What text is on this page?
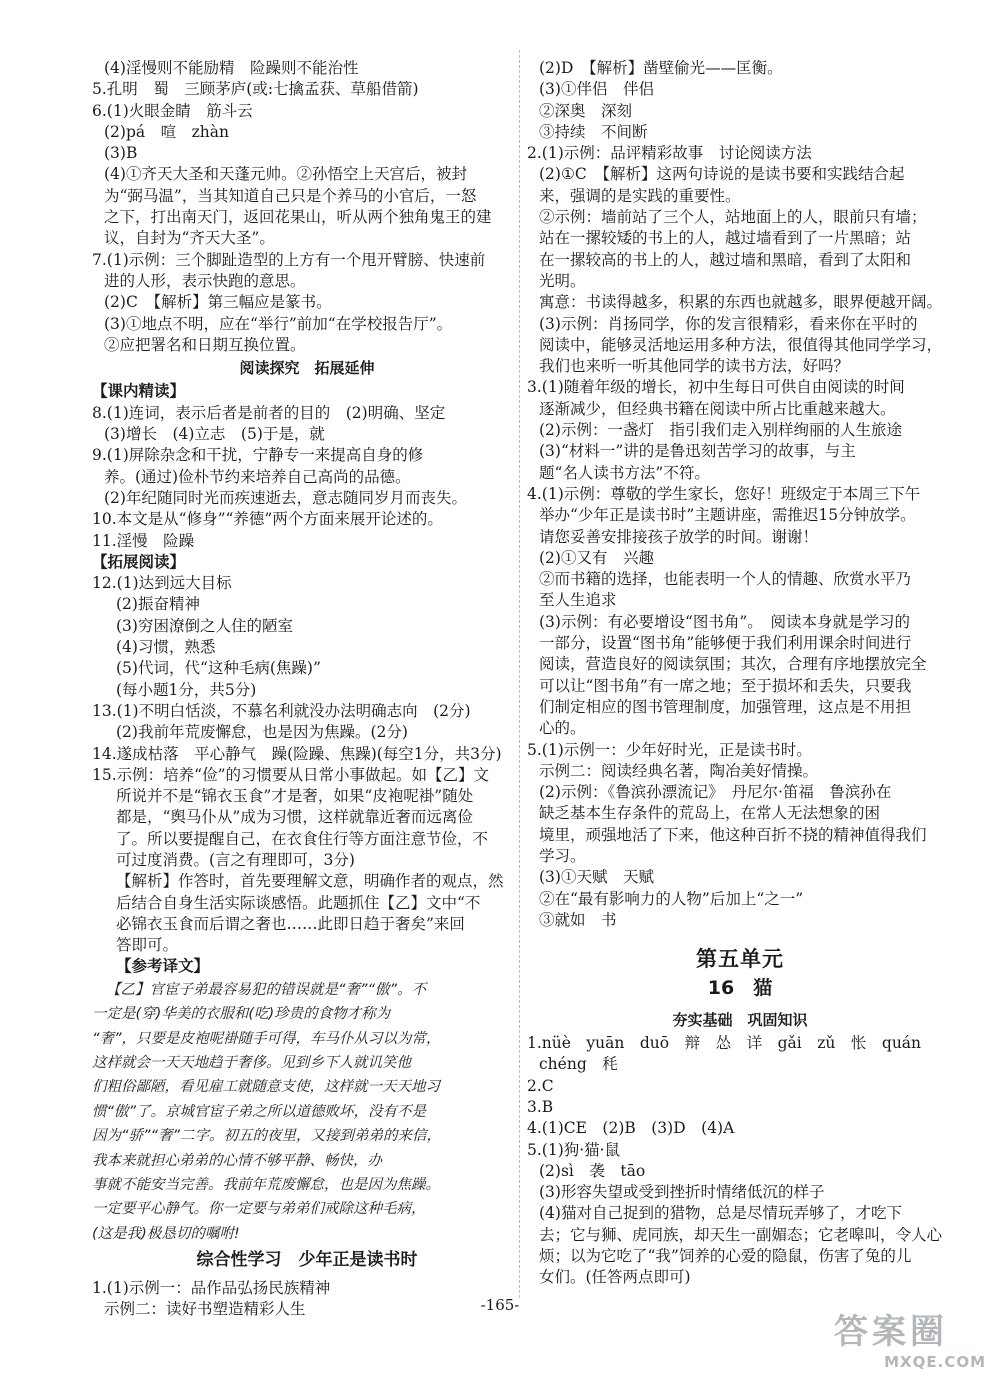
(4)淫慢则不能励精　险躁则不能治性
5.孔明　蜀　三顾茅庐(或:七擒孟获、草船借箭)
6.(1)火眼金睛　筋斗云
(2)pá　喧　zhàn
(3)B
(4)①齐天大圣和天蓬元帅。②孙悟空上天宫后，被封
为“弼马温”，当其知道自己只是个养马的小官后，一怒
之下，打出南天门，返回花果山，听从两个独角鬼王的建
议，自封为“齐天大圣”。
7.(1)示例：三个脚趾造型的上方有一个甩开臂膀、快速前
进的人形，表示快跑的意思。
(2)C　【解析】第三幅应是篆书。
(3)①地点不明，应在“举行”前加“在学校报告厅”。
②应把署名和日期互换位置。
阅读探究　拓展延伸
【课内精读】
8.(1)连词，表示后者是前者的目的　(2)明确、坚定
(3)增长　(4)立志　(5)于是，就
9.(1)屏除杂念和干扰，宁静专一来提高自身的修
养。(通过)俭朴节约来培养自己高尚的品德。
(2)年纪随同时光而疾速逝去，意志随同岁月而丧失。
10.本文是从“修身”“养德”两个方面来展开论述的。
11.淫慢　险躁
【拓展阅读】
12.(1)达到远大目标
(2)振奋精神
(3)穷困潦倒之人住的陋室
(4)习惯，熟悉
(5)代词，代“这种毛病(焦躁)”
(每小题1分，共5分)
13.(1)不明白恬淡，不慕名利就没办法明确志向　(2分)
(2)我前年荒废懈怠，也是因为焦躁。(2分)
14.遂成枯落　平心静气　躁(险躁、焦躁)(每空1分，共3分)
15.示例：培养“俭”的习惯要从日常小事做起。如【乙】文
所说并不是“锦衣玉食”才是奢，如果“皮袍呢褂”随处
都是，“舆马仆从”成为习惯，这样就靠近奢而远离俭
了。所以要提醒自己，在衣食住行等方面注意节俭，不
可过度消费。(言之有理即可，3分)
【解析】作答时，首先要理解文意，明确作者的观点，然
后结合自身生活实际谈感悟。此题抓住【乙】文中“不
必锦衣玉食而后谓之奢也……此即日趋于奢矣”来回
答即可。
【参考译文】
【乙】官宦子弟最容易犯的错误就是“奢”“傲”。不
一定是(穿)华美的衣服和(吃)珍贵的食物才称为
“奢”，只要是皮袍呢褂随手可得，车马仆从习以为常，
这样就会一天天地趋于奢侈。见到乡下人就讥笑他
们粗俗鄙陋，看见雇工就随意支使，这样就一天天地习
惯“傲”了。京城官宦子弟之所以道德败坏，没有不是
因为“骄”“奢”二字。初五的夜里，又接到弟弟的来信，
我本来就担心弟弟的心情不够平静、畅快，办
事就不能安当完善。我前年荒废懈怠，也是因为焦躁。
一定要平心静气。你一定要与弟弟们戒除这种毛病，
(这是我)极恳切的嘱咐!
综合性学习　少年正是读书时
1.(1)示例一：品作品弘扬民族精神
示例二：读好书塑造精彩人生
(2)D　【解析】凿壁偷光——匡衡。
(3)①伴侣　伴侣
②深奥　深刻
③持续　不间断
2.(1)示例：品评精彩故事　讨论阅读方法
(2)①C　【解析】这两句诗说的是读书要和实践结合起
来，强调的是实践的重要性。
②示例：墙前站了三个人，站地面上的人，眼前只有墙；
站在一摞较矮的书上的人，越过墙看到了一片黑暗；站
在一摞较高的书上的人，越过墙和黑暗，看到了太阳和
光明。
寓意：书读得越多，积累的东西也就越多，眼界便越开阔。
(3)示例：肖扬同学，你的发言很精彩，看来你在平时的
阅读中，能够灵活地运用多种方法，很值得其他同学学习，
我们也来听一听其他同学的读书方法，好吗？
3.(1)随着年级的增长，初中生每日可供自由阅读的时间
逐渐减少，但经典书籍在阅读中所占比重越来越大。
(2)示例：一盏灯　指引我们走入别样绚丽的人生旅途
(3)“材料一”讲的是鲁迅刻苦学习的故事，与主
题“名人读书方法”不符。
4.(1)示例：尊敬的学生家长，您好！班级定于本周三下午
举办“少年正是读书时”主题讲座，需推迟15分钟放学。
请您妥善安排接孩子放学的时间。谢谢！
(2)①又有　兴趣
②而书籍的选择，也能表明一个人的情趣、欣赏水平乃
至人生追求
(3)示例：有必要增设“图书角”。　阅读本身就是学习的
一部分，设置“图书角”能够便于我们利用课余时间进行
阅读，营造良好的阅读氛围；其次，合理有序地摆放完全
可以让“图书角”有一席之地；至于损坏和丢失，只要我
们制定相应的图书管理制度，加强管理，这点是不用担
心的。
5.(1)示例一：少年好时光，正是读书时。
示例二：阅读经典名著，陶冶美好情操。
(2)示例：《鲁滨孙漂流记》　丹尼尔·笛福　鲁滨孙在
缺乏基本生存条件的荒岛上，在常人无法想象的困
境里，顽强地活了下来，他这种百折不挠的精神值得我们
学习。
(3)①天赋　天赋
②在“最有影响力的人物”后加上“之一”
③就如　书
第五单元
16　猫
夯实基础　巩固知识
1.nüè　yuān　duō　辩　怂　详　gǎi　zǔ　怅　quán
chéng　秏
2.C
3.B
4.(1)CE　(2)B　(3)D　(4)A
5.(1)狗·猫·鼠
(2)sì　袭　tāo
(3)形容失望或受到挫折时情绪低沉的样子
(4)猫对自己捉到的猎物，总是尽情玩弄够了，才吃下
去；它与狮、虎同族，却天生一副媚态；它老嗥叫，令人心
烦；以为它吃了“我”饲养的心爱的隐鼠，伤害了兔的儿
女们。(任答两点即可)
-165-
答案圈
MXQE.COM
